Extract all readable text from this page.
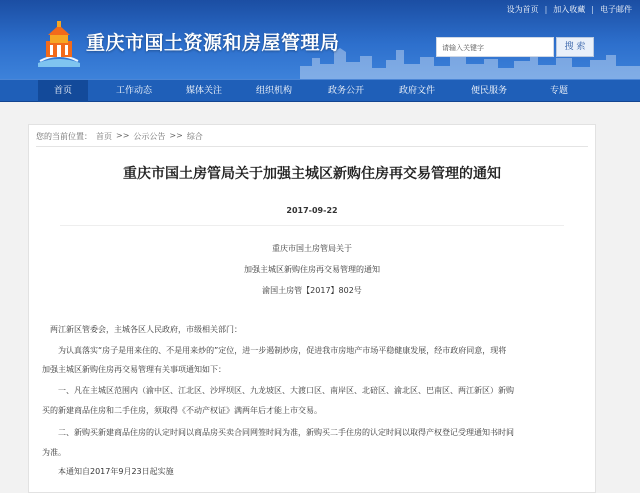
设为首页 | 加入收藏 | 电子邮件
重庆市国土资源和房屋管理局	请输入关键字	搜 索
首页	工作动态	媒体关注	组织机构	政务公开	政府文件	便民服务	专题
您的当前位置： 首页 >> 公示公告 >> 综合
重庆市国土房管局关于加强主城区新购住房再交易管理的通知
2017-09-22
重庆市国土房管局关于
加强主城区新购住房再交易管理的通知
渝国土房管【2017】802号
两江新区管委会，主城各区人民政府，市级相关部门：
为认真落实“房子是用来住的、不是用来炒的”定位，进一步遏制炒房，促进我市房地产市场平稳健康发展，经市政府同意，现将
加强主城区新购住房再交易管理有关事项通知如下：
一、凡在主城区范围内（渝中区、江北区、沙坪坝区、九龙坡区、大渡口区、南岸区、北碚区、渝北区、巴南区、两江新区）新购
买的新建商品住房和二手住房，须取得《不动产权证》满两年后才能上市交易。
二、新购买新建商品住房的认定时间以商品房买卖合同网签时间为准，新购买二手住房的认定时间以取得产权登记受理通知书时间
为准。
本通知自2017年9月23日起实施
